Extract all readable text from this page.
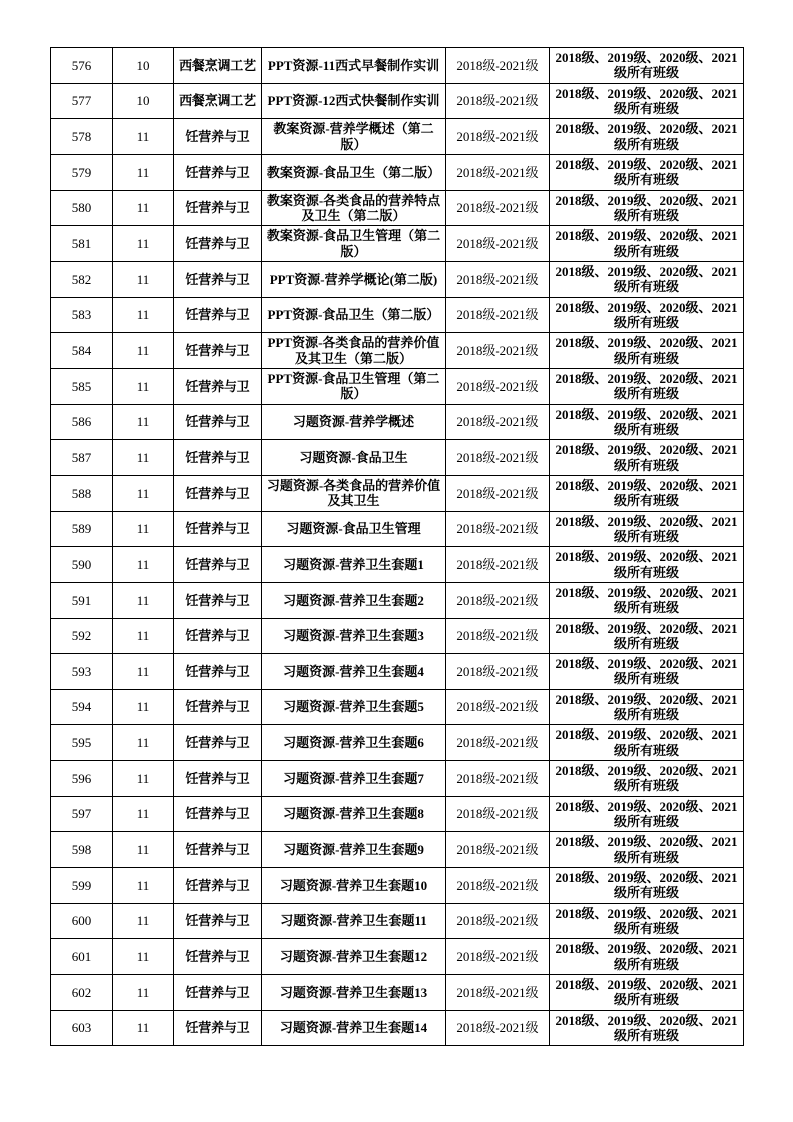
576	10	西餐烹调工艺	PPT资源-11西式早餐制作实训	2018级-2021级	2018级、2019级、2020级、2021级所有班级
577	10	西餐烹调工艺	PPT资源-12西式快餐制作实训	2018级-2021级	2018级、2019级、2020级、2021级所有班级
578	11	饪营养与卫	教案资源-营养学概述（第二版）	2018级-2021级	2018级、2019级、2020级、2021级所有班级
579	11	饪营养与卫	教案资源-食品卫生（第二版）	2018级-2021级	2018级、2019级、2020级、2021级所有班级
580	11	饪营养与卫	教案资源-各类食品的营养特点及卫生（第二版）	2018级-2021级	2018级、2019级、2020级、2021级所有班级
581	11	饪营养与卫	教案资源-食品卫生管理（第二版）	2018级-2021级	2018级、2019级、2020级、2021级所有班级
582	11	饪营养与卫	PPT资源-营养学概论(第二版)	2018级-2021级	2018级、2019级、2020级、2021级所有班级
583	11	饪营养与卫	PPT资源-食品卫生（第二版）	2018级-2021级	2018级、2019级、2020级、2021级所有班级
584	11	饪营养与卫	PPT资源-各类食品的营养价值及其卫生（第二版）	2018级-2021级	2018级、2019级、2020级、2021级所有班级
585	11	饪营养与卫	PPT资源-食品卫生管理（第二版）	2018级-2021级	2018级、2019级、2020级、2021级所有班级
586	11	饪营养与卫	习题资源-营养学概述	2018级-2021级	2018级、2019级、2020级、2021级所有班级
587	11	饪营养与卫	习题资源-食品卫生	2018级-2021级	2018级、2019级、2020级、2021级所有班级
588	11	饪营养与卫	习题资源-各类食品的营养价值及其卫生	2018级-2021级	2018级、2019级、2020级、2021级所有班级
589	11	饪营养与卫	习题资源-食品卫生管理	2018级-2021级	2018级、2019级、2020级、2021级所有班级
590	11	饪营养与卫	习题资源-营养卫生套题1	2018级-2021级	2018级、2019级、2020级、2021级所有班级
591	11	饪营养与卫	习题资源-营养卫生套题2	2018级-2021级	2018级、2019级、2020级、2021级所有班级
592	11	饪营养与卫	习题资源-营养卫生套题3	2018级-2021级	2018级、2019级、2020级、2021级所有班级
593	11	饪营养与卫	习题资源-营养卫生套题4	2018级-2021级	2018级、2019级、2020级、2021级所有班级
594	11	饪营养与卫	习题资源-营养卫生套题5	2018级-2021级	2018级、2019级、2020级、2021级所有班级
595	11	饪营养与卫	习题资源-营养卫生套题6	2018级-2021级	2018级、2019级、2020级、2021级所有班级
596	11	饪营养与卫	习题资源-营养卫生套题7	2018级-2021级	2018级、2019级、2020级、2021级所有班级
597	11	饪营养与卫	习题资源-营养卫生套题8	2018级-2021级	2018级、2019级、2020级、2021级所有班级
598	11	饪营养与卫	习题资源-营养卫生套题9	2018级-2021级	2018级、2019级、2020级、2021级所有班级
599	11	饪营养与卫	习题资源-营养卫生套题10	2018级-2021级	2018级、2019级、2020级、2021级所有班级
600	11	饪营养与卫	习题资源-营养卫生套题11	2018级-2021级	2018级、2019级、2020级、2021级所有班级
601	11	饪营养与卫	习题资源-营养卫生套题12	2018级-2021级	2018级、2019级、2020级、2021级所有班级
602	11	饪营养与卫	习题资源-营养卫生套题13	2018级-2021级	2018级、2019级、2020级、2021级所有班级
603	11	饪营养与卫	习题资源-营养卫生套题14	2018级-2021级	2018级、2019级、2020级、2021级所有班级
